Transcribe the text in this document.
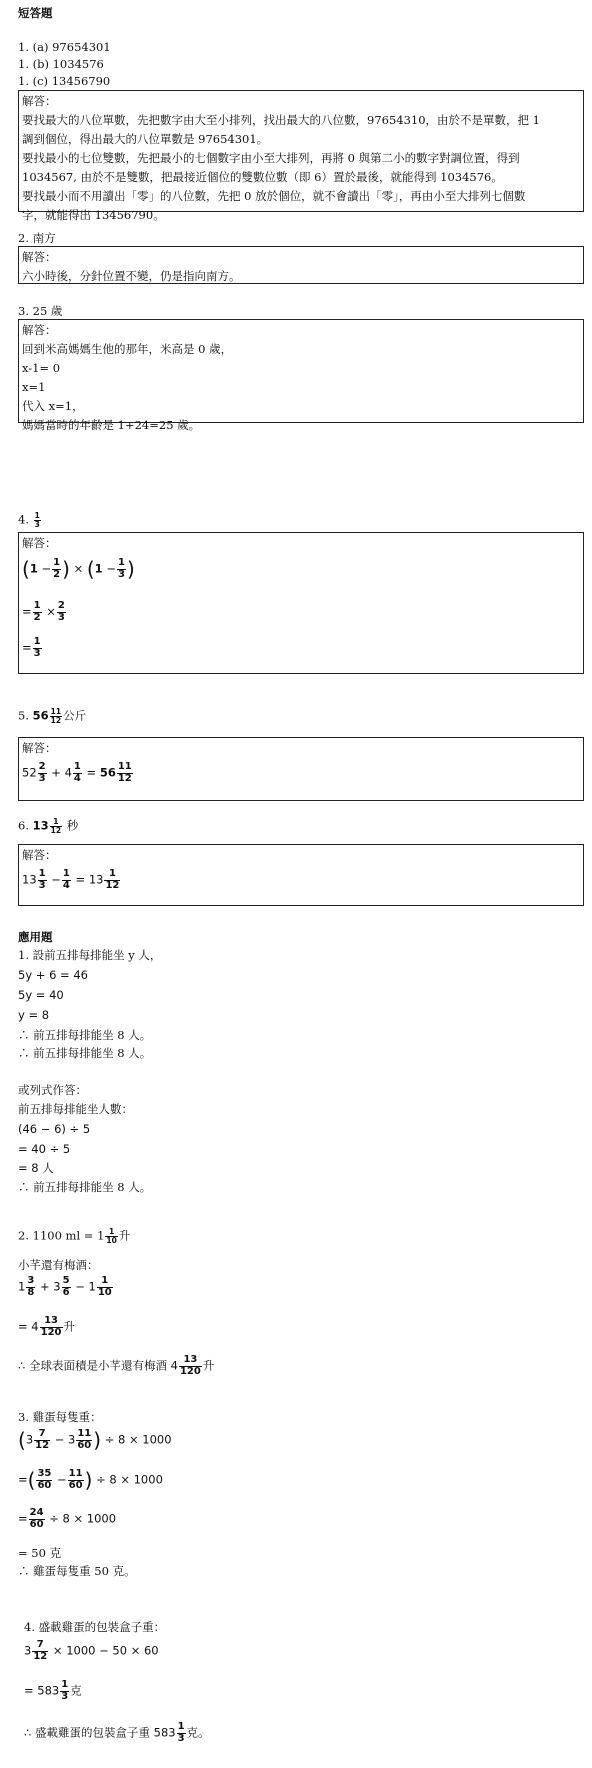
短答題
1. (a) 97654301
1. (b) 1034576
1. (c) 13456790
解答：
要找最大的八位單數，先把數字由大至小排列，找出最大的八位數，97654310，由於不是單數，把 1
調到個位，得出最大的八位單數是 97654301。
要找最小的七位雙數，先把最小的七個數字由小至大排列，再將 0 與第二小的數字對調位置，得到
1034567, 由於不是雙數，把最接近個位的雙數位數（即 6）置於最後，就能得到 1034576。
要找最小而不用讀出「零」的八位數，先把 0 放於個位，就不會讀出「零」，再由小至大排列七個數
字，就能得出 13456790。
2. 南方
解答：
六小時後，分針位置不變，仍是指向南方。
3. 25 歲
解答：
回到米高媽媽生他的那年，米高是 0 歲，
x-1= 0
x=1
代入 x=1，
媽媽當時的年齡是 1+24=25 歲。
4. $\frac{1}{3}$
解答：
($1 - \frac{1}{2}$ ) × ($1 - \frac{1}{3}$ )
= $\frac{1}{2} \times \frac{2}{3}$
= $\frac{1}{3}$
5. $56 \frac{11}{12}$ 公斤
解答：
$52 \frac{2}{3} + 4 \frac{1}{4} = 56 \frac{11}{12}$
6. $13 \frac{1}{12}$ 秒
解答：
$13 \frac{1}{3} - \frac{1}{4} = 13 \frac{1}{12}$
應用題
1. 設前五排每排能坐 y 人，
5y + 6 = 46
5y = 40
y = 8
∴ 前五排每排能坐 8 人。
∴ 前五排每排能坐 8 人。
或列式作答：
前五排每排能坐人數：
(46 − 6) ÷ 5
= 40 ÷ 5
= 8 人
∴ 前五排每排能坐 8 人。
2. 1100 ml = $1 \frac{1}{10}$ 升
小芊還有梅酒：
$1 \frac{3}{8} + 3 \frac{5}{6} - 1 \frac{1}{10}$
= $4 \frac{13}{120}$ 升
∴ 全球表面積是小芊還有梅酒 $4 \frac{13}{120}$ 升
3. 雞蛋每隻重：
($3 \frac{7}{12} - 3 \frac{11}{60}$ ) ÷ 8 × 1000
=( $\frac{35}{60} - \frac{11}{60}$ ) ÷ 8 × 1000
= $\frac{24}{60} \div 8 \times 1000$
= 50 克
∴ 雞蛋每隻重 50 克。
4. 盛載雞蛋的包裝盒子重：
$3 \frac{7}{12} \times 1000 - 50 \times 60$
= $583 \frac{1}{3}$ 克
∴ 盛載雞蛋的包裝盒子重 $583 \frac{1}{3}$ 克。
